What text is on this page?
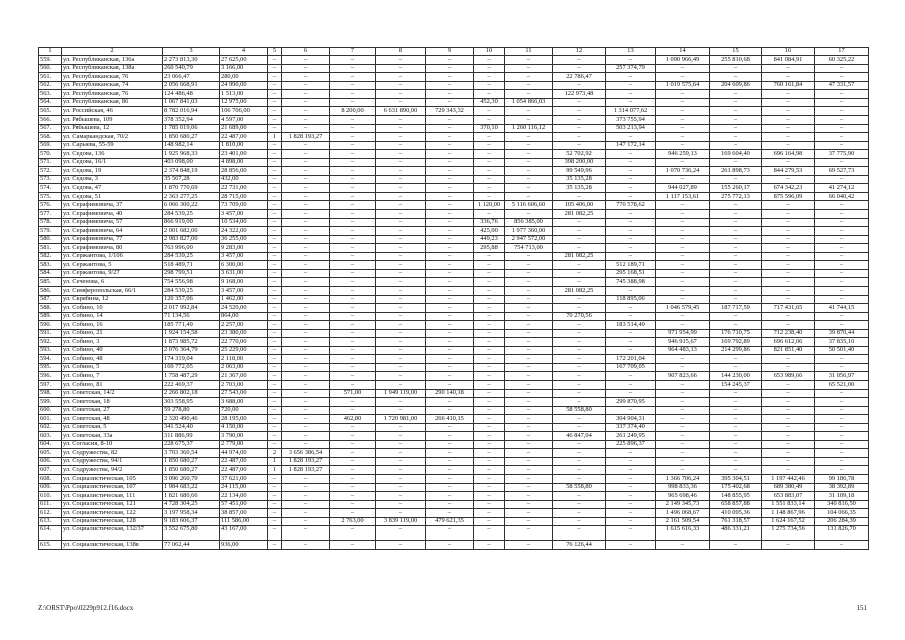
1	2	3	4	5	6	7	8	9	10	11	12	13	14	15	16	17
559.	ул. Республиканская, 136а	2 273 813,30	27 625,00	–	–	–	–	–	–	–	–	–	1 090 966,49	255 810,68	841 084,91	60 325,22
560.	ул. Республиканская, 138а	260 540,79	3 166,00	–	–	–	–	–	–	–	–	257 374,79	–	–	–	–
561.	ул. Республиканская, 76	23 066,47	280,00	–	–	–	–	–	–	–	22 786,47	–	–	–	–	–
562.	ул. Республиканская, 74	2 056 668,91	24 990,00	–	–	–	–	–	–	–	–	–	1 019 575,64	204 609,86	760 161,84	47 331,57
563.	ул. Республиканская, 76	124 486,48	1 513,00	–	–	–	–	–	–	–	122 973,48	–	–	–	–	–
564.	ул. Республиканская, 86	1 067 841,03	12 975,00	–	–	–	–	–	452,30	1 054 866,03	–	–	–	–	–	–
565.	ул. Российская, 46	8 782 016,94	106 706,00	–	–	8 200,00	6 631 890,00	729 343,32	–	–	–	1 314 077,62	–	–	–	–
566.	ул. Рябышева, 109	378 352,94	4 597,00	–	–	–	–	–	–	–	–	373 755,94	–	–	–	–
567.	ул. Рябышева, 12	1 785 019,06	21 689,00	–	–	–	–	–	370,10	1 260 116,12	–	503 213,94	–	–	–	–
568.	ул. Самаркандская, 70/2	1 850 680,27	22 487,00	1	1 828 193,27	–	–	–	–	–	–	–	–	–	–	–
569.	ул. Сарыева, 55-59	148 982,14	1 810,00	–	–	–	–	–	–	–	–	147 172,14	–	–	–	–
570.	ул. Седова, 136	1 925 968,33	23 401,00	–	–	–	–	–	–	–	52 702,92	–	946 259,13	169 604,40	696 164,98	37 775,90
571.	ул. Седова, 16/1	403 098,00	4 898,00	–	–	–	–	–	–	–	398 200,00	–	–	–	–	–
572.	ул. Седова, 19	2 374 848,19	28 856,00	–	–	–	–	–	–	–	99 549,96	–	1 070 736,24	261 898,73	844 279,53	69 527,73
573.	ул. Седова, 3	35 567,28	432,00	–	–	–	–	–	–	–	35 135,28	–	–	–	–	–
574.	ул. Седова, 47	1 870 770,69	22 731,00	–	–	–	–	–	–	–	35 135,28	–	944 027,89	155 260,17	674 342,23	41 274,12
575.	ул. Седова, 51	2 363 277,25	28 715,00	–	–	–	–	–	–	–	–	–	1 117 153,61	275 772,13	875 596,09	66 040,42
576.	ул. Серафимовича, 37	6 066 300,22	73 709,00	–	–	–	–	–	1 120,00	5 116 606,60	105 406,00	770 578,62	–	–	–	–
577.	ул. Серафимовича, 40	284 539,25	3 457,00	–	–	–	–	–	–	–	281 082,25	–	–	–	–	–
578.	ул. Серафимовича, 57	866 919,00	10 534,00	–	–	–	–	–	336,76	856 385,00	–	–	–	–	–	–
579.	ул. Серафимовича, 64	2 001 682,00	24 322,00	–	–	–	–	–	425,00	1 977 360,00	–	–	–	–	–	–
580.	ул. Серафимовича, 77	2 983 827,00	36 255,00	–	–	–	–	–	449,23	2 947 572,00	–	–	–	–	–	–
581.	ул. Серафимовича, 80	763 996,00	9 283,00	–	–	–	–	–	295,88	754 713,00	–	–	–	–	–	–
582.	ул. Сержантова, 1/106	284 539,25	3 457,00	–	–	–	–	–	–	–	281 082,25	–	–	–	–	–
583.	ул. Сержантова, 5	518 489,71	6 300,00	–	–	–	–	–	–	–	–	512 189,71	–	–	–	–
584.	ул. Сержантова, 9/27	298 799,51	3 631,00	–	–	–	–	–	–	–	–	295 168,51	–	–	–	–
585.	ул. Сеченова, 6	754 556,98	9 168,00	–	–	–	–	–	–	–	–	745 388,98	–	–	–	–
586.	ул. Симферопольская, 66/1	284 539,25	3 457,00	–	–	–	–	–	–	–	281 082,25	–	–	–	–	–
587.	ул. Скрябина, 12	120 357,06	1 462,00	–	–	–	–	–	–	–	–	118 895,06	–	–	–	–
588.	ул. Собино, 10	2 017 992,84	24 520,00	–	–	–	–	–	–	–	–	–	1 046 579,45	187 717,59	717 431,65	41 744,15
589.	ул. Собино, 14	71 134,56	864,00	–	–	–	–	–	–	–	70 270,56	–	–	–	–	–
590.	ул. Собино, 16	185 771,49	2 257,00	–	–	–	–	–	–	–	–	183 514,49	–	–	–	–
591.	ул. Собино, 21	1 924 154,58	23 380,00	–	–	–	–	–	–	–	–	–	971 954,99	176 710,75	712 238,40	39 870,44
592.	ул. Собино, 3	1 873 985,72	22 770,00	–	–	–	–	–	–	–	–	–	946 915,67	169 792,89	696 612,06	37 835,10
593.	ул. Собино, 40	2 076 364,79	25 229,00	–	–	–	–	–	–	–	–	–	964 483,13	214 299,86	821 851,40	50 501,40
594.	ул. Собино, 48	174 319,04	2 118,00	–	–	–	–	–	–	–	–	172 201,04	–	–	–	–
595.	ул. Собино, 5	169 772,05	2 063,00	–	–	–	–	–	–	–	–	167 709,05	–	–	–	–
596.	ул. Собино, 7	1 758 487,29	21 367,00	–	–	–	–	–	–	–	–	–	907 823,66	144 230,00	653 989,66	31 056,97
597.	ул. Собино, 81	222 469,37	2 703,00	–	–	–	–	–	–	–	–	–	–	154 245,37	–	65 521,00
598.	ул. Советская, 14/2	2 266 802,18	27 543,00	–	–	571,00	1 949 119,00	290 140,18	–	–	–	–	–	–	–	–
599.	ул. Советская, 18	303 558,95	3 688,00	–	–	–	–	–	–	–	–	299 870,95	–	–	–	–
600.	ул. Советская, 27	59 278,80	720,00	–	–	–	–	–	–	–	58 558,80	–	–	–	–	–
601.	ул. Советская, 48	2 320 490,46	28 195,00	–	–	462,80	1 720 981,00	266 410,15	–	–	–	304 904,31	–	–	–	–
602.	ул. Советская, 5	341 524,40	4 150,00	–	–	–	–	–	–	–	–	337 374,40	–	–	–	–
603.	ул. Советская, 33а	311 886,99	3 790,00	–	–	–	–	–	–	–	46 847,04	261 249,95	–	–	–	–
604.	ул. Согласия, 8-10	228 675,37	2 779,00	–	–	–	–	–	–	–	–	225 896,37	–	–	–	–
605.	ул. Содружества, 82	3 703 360,54	44 974,00	2	3 656 386,54	–	–	–	–	–	–	–	–	–	–	–
606.	ул. Содружества, 94/1	1 850 680,27	22 487,00	1	1 828 193,27	–	–	–	–	–	–	–	–	–	–	–
607.	ул. Содружества, 94/2	1 850 680,27	22 487,00	1	1 828 193,27	–	–	–	–	–	–	–	–	–	–	–
608.	ул. Социалистическая, 105	3 096 260,79	37 621,00	–	–	–	–	–	–	–	–	–	1 366 706,24	395 304,51	1 197 442,46	99 186,78
609.	ул. Социалистическая, 107	1 984 683,22	24 115,00	–	–	–	–	–	–	–	58 558,80	–	998 833,36	175 402,68	689 380,49	38 392,89
610.	ул. Социалистическая, 111	1 821 680,66	22 134,00	–	–	–	–	–	–	–	–	–	965 698,46	148 855,95	653 883,07	31 109,18
611.	ул. Социалистическая, 121	4 728 304,25	57 451,00	–	–	–	–	–	–	–	–	–	2 149 345,73	658 857,88	1 551 833,14	340 816,50
612.	ул. Социалистическая, 122	3 197 958,34	38 857,00	–	–	–	–	–	–	–	–	–	1 496 068,67	410 095,36	1 148 867,96	104 066,35
613.	ул. Социалистическая, 128	9 183 606,37	111 586,00	–	–	2 763,00	3 839 119,00	479 621,35	–	–	–	–	2 161 509,54	761 318,57	1 624 167,52	206 284,39
614.	ул. Социалистическая, 132/37	3 552 675,80	43 167,00	–	–	–	–	–	–	–	–	–	1 615 616,33	486 331,21	1 275 734,56	131 826,70
615.	ул. Социалистическая, 138в	77 062,44	936,00	–	–	–	–	–	–	–	76 126,44	–	–	–	–	–
Z:\ORST\Ppo\0229p912.f16.docx	151
